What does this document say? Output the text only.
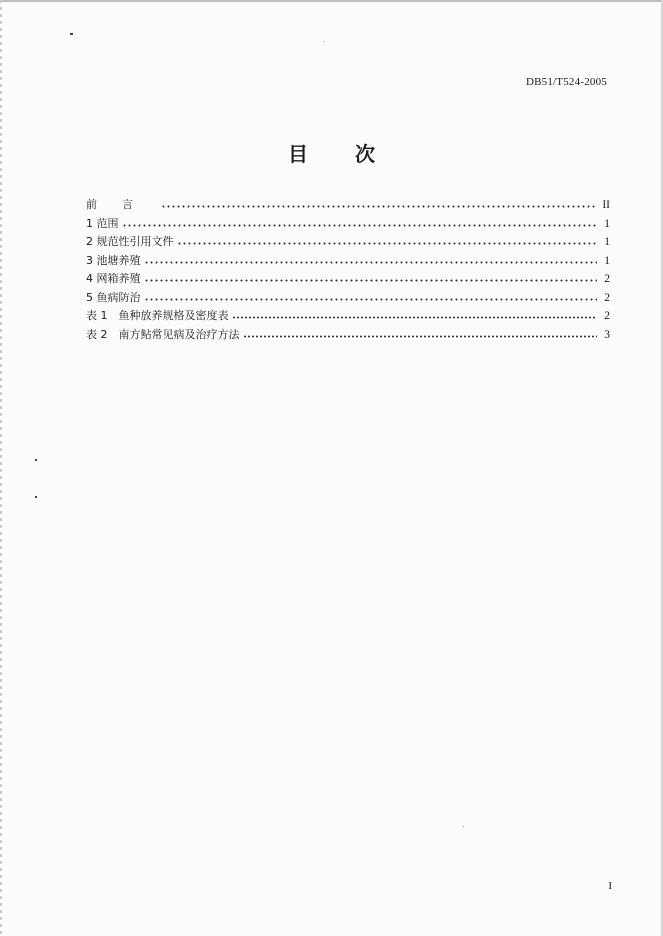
DB51/T524-2005
目 次
前言	II
1 范围	1
2 规范性引用文件	1
3 池塘养殖	1
4 网箱养殖	2
5 鱼病防治	2
表 1　鱼种放养规格及密度表	2
表 2　南方鲇常见病及治疗方法	3
I
